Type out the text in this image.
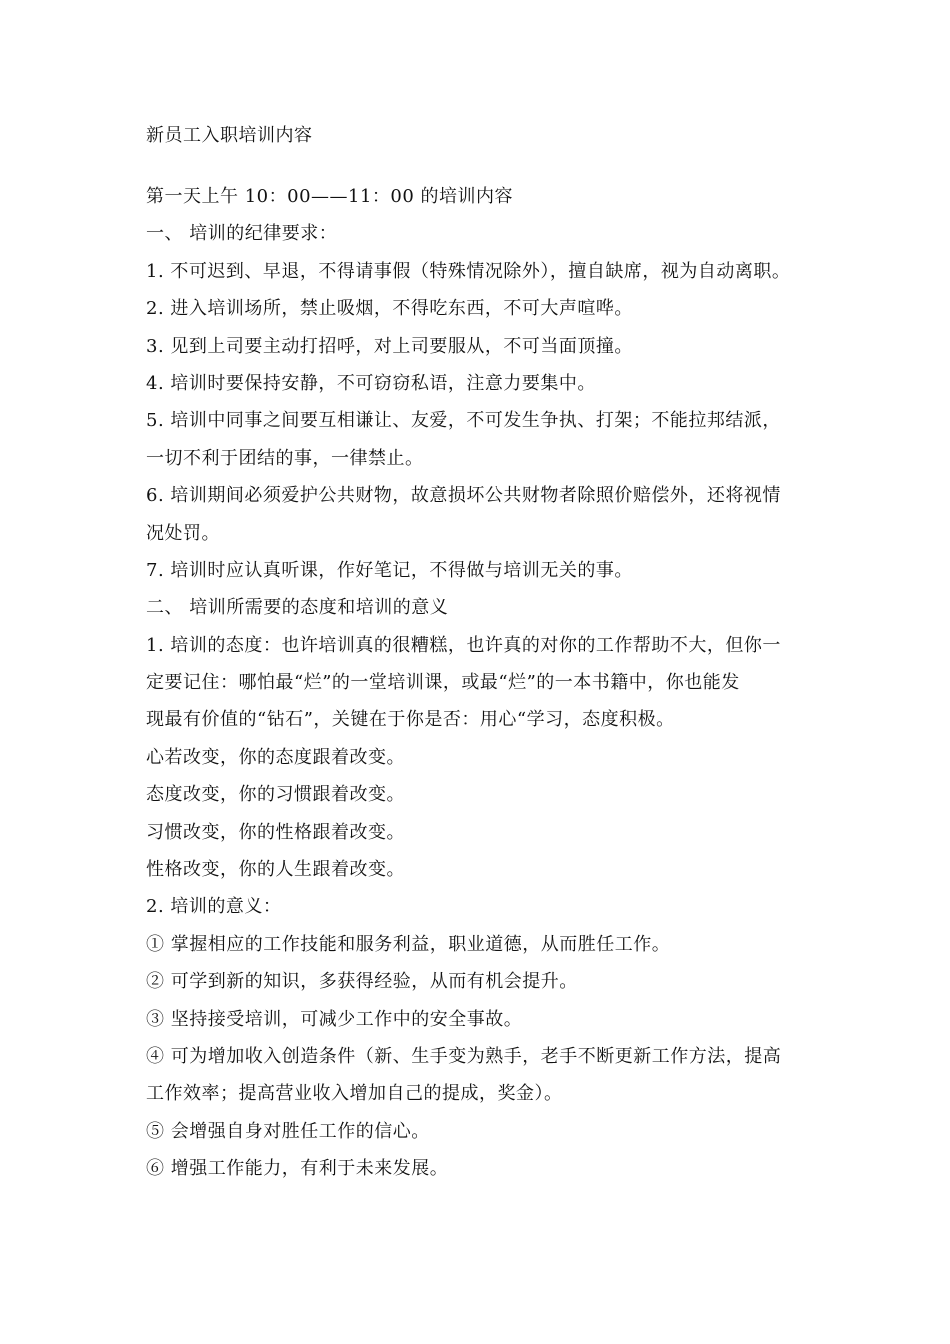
新员工入职培训内容
第一天上午 10：00——11：00 的培训内容
一、 培训的纪律要求：
1. 不可迟到、早退，不得请事假（特殊情况除外），擅自缺席，视为自动离职。
2. 进入培训场所，禁止吸烟，不得吃东西，不可大声喧哗。
3. 见到上司要主动打招呼，对上司要服从，不可当面顶撞。
4. 培训时要保持安静，不可窃窃私语，注意力要集中。
5. 培训中同事之间要互相谦让、友爱，不可发生争执、打架；不能拉邦结派，
一切不利于团结的事，一律禁止。
6. 培训期间必须爱护公共财物，故意损坏公共财物者除照价赔偿外，还将视情
况处罚。
7. 培训时应认真听课，作好笔记，不得做与培训无关的事。
二、 培训所需要的态度和培训的意义
1. 培训的态度：也许培训真的很糟糕，也许真的对你的工作帮助不大，但你一
定要记住：哪怕最“烂”的一堂培训课，或最“烂”的一本书籍中，你也能发
现最有价值的“钻石”，关键在于你是否：用心“学习，态度积极。
心若改变，你的态度跟着改变。
态度改变，你的习惯跟着改变。
习惯改变，你的性格跟着改变。
性格改变，你的人生跟着改变。
2. 培训的意义：
① 掌握相应的工作技能和服务利益，职业道德，从而胜任工作。
② 可学到新的知识，多获得经验，从而有机会提升。
③ 坚持接受培训，可减少工作中的安全事故。
④ 可为增加收入创造条件（新、生手变为熟手，老手不断更新工作方法，提高
工作效率；提高营业收入增加自己的提成，奖金）。
⑤ 会增强自身对胜任工作的信心。
⑥ 增强工作能力，有利于未来发展。
